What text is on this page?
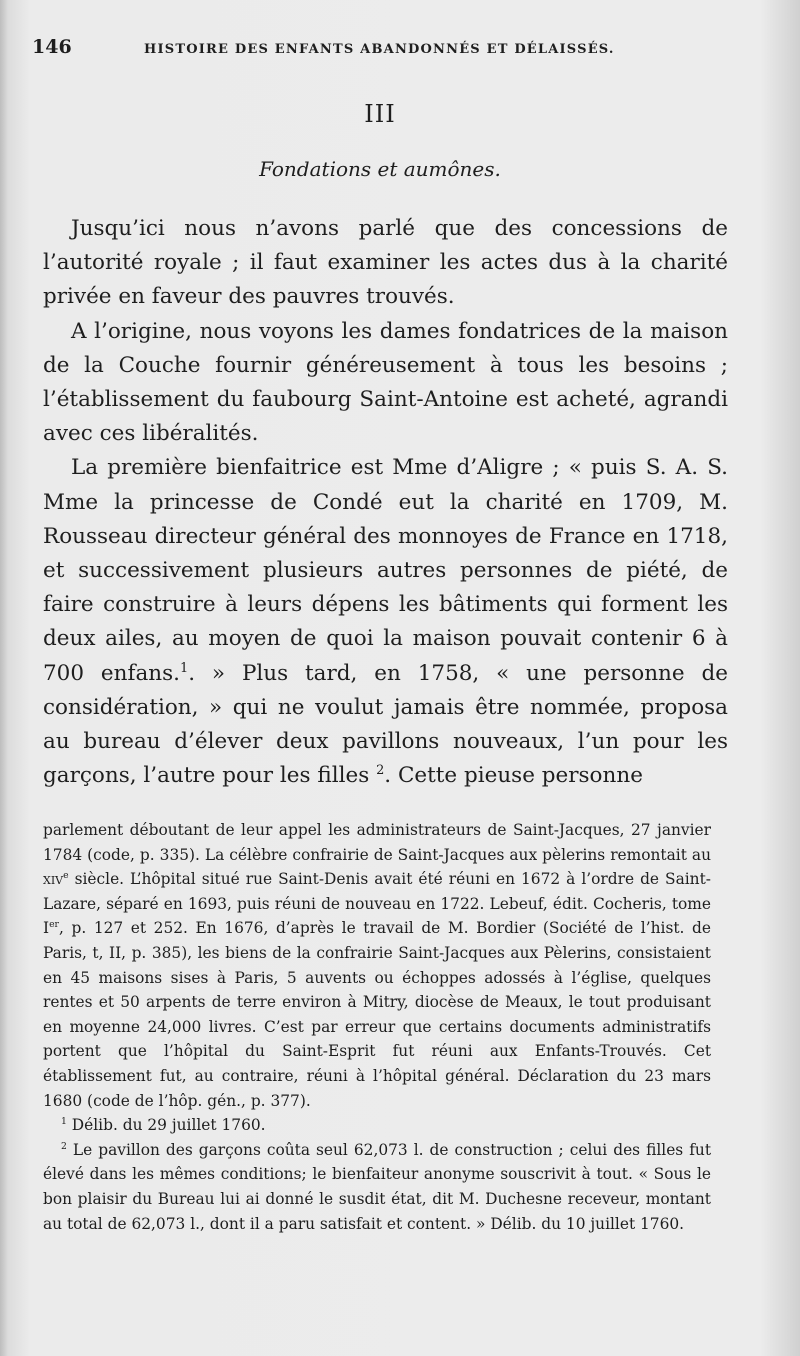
146	HISTOIRE DES ENFANTS ABANDONNÉS ET DÉLAISSÉS.
III
Fondations et aumônes.

Jusqu’ici nous n’avons parlé que des concessions de l’autorité royale ; il faut examiner les actes dus à la charité privée en faveur des pauvres trouvés.

A l’origine, nous voyons les dames fondatrices de la maison de la Couche fournir généreusement à tous les besoins ; l’établissement du faubourg Saint-Antoine est acheté, agrandi avec ces libéralités.

La première bienfaitrice est Mme d’Aligre ; « puis S. A. S. Mme la princesse de Condé eut la charité en 1709, M. Rousseau directeur général des monnoyes de France en 1718, et successivement plusieurs autres personnes de piété, de faire construire à leurs dépens les bâtiments qui forment les deux ailes, au moyen de quoi la maison pouvait contenir 6 à 700 enfans.$^1$. » Plus tard, en 1758, « une personne de considération, » qui ne voulut jamais être nommée, proposa au bureau d’élever deux pavillons nouveaux, l’un pour les garçons, l’autre pour les filles $^2$. Cette pieuse personne

parlement déboutant de leur appel les administrateurs de Saint-Jacques, 27 janvier 1784 (code, p. 335). La célèbre confrairie de Saint-Jacques aux pèlerins remontait au xiv$^e$ siècle. L’hôpital situé rue Saint-Denis avait été réuni en 1672 à l’ordre de Saint-Lazare, séparé en 1693, puis réuni de nouveau en 1722. Lebeuf, édit. Cocheris, tome Ier, p. 127 et 252. En 1676, d’après le travail de M. Bordier (Société de l’hist. de Paris, t, II, p. 385), les biens de la confrairie Saint-Jacques aux Pèlerins, consistaient en 45 maisons sises à Paris, 5 auvents ou échoppes adossés à l’église, quelques rentes et 50 arpents de terre environ à Mitry, diocèse de Meaux, le tout produisant en moyenne 24,000 livres. C’est par erreur que certains documents administratifs portent que l’hôpital du Saint-Esprit fut réuni aux Enfants-Trouvés. Cet établissement fut, au contraire, réuni à l’hôpital général. Déclaration du 23 mars 1680 (code de l’hôp. gén., p. 377).

$^1$ Délib. du 29 juillet 1760.

$^2$ Le pavillon des garçons coûta seul 62,073 l. de construction ; celui des filles fut élevé dans les mêmes conditions; le bienfaiteur anonyme souscrivit à tout. « Sous le bon plaisir du Bureau lui ai donné le susdit état, dit M. Duchesne receveur, montant au total de 62,073 l., dont il a paru satisfait et content. » Délib. du 10 juillet 1760.
